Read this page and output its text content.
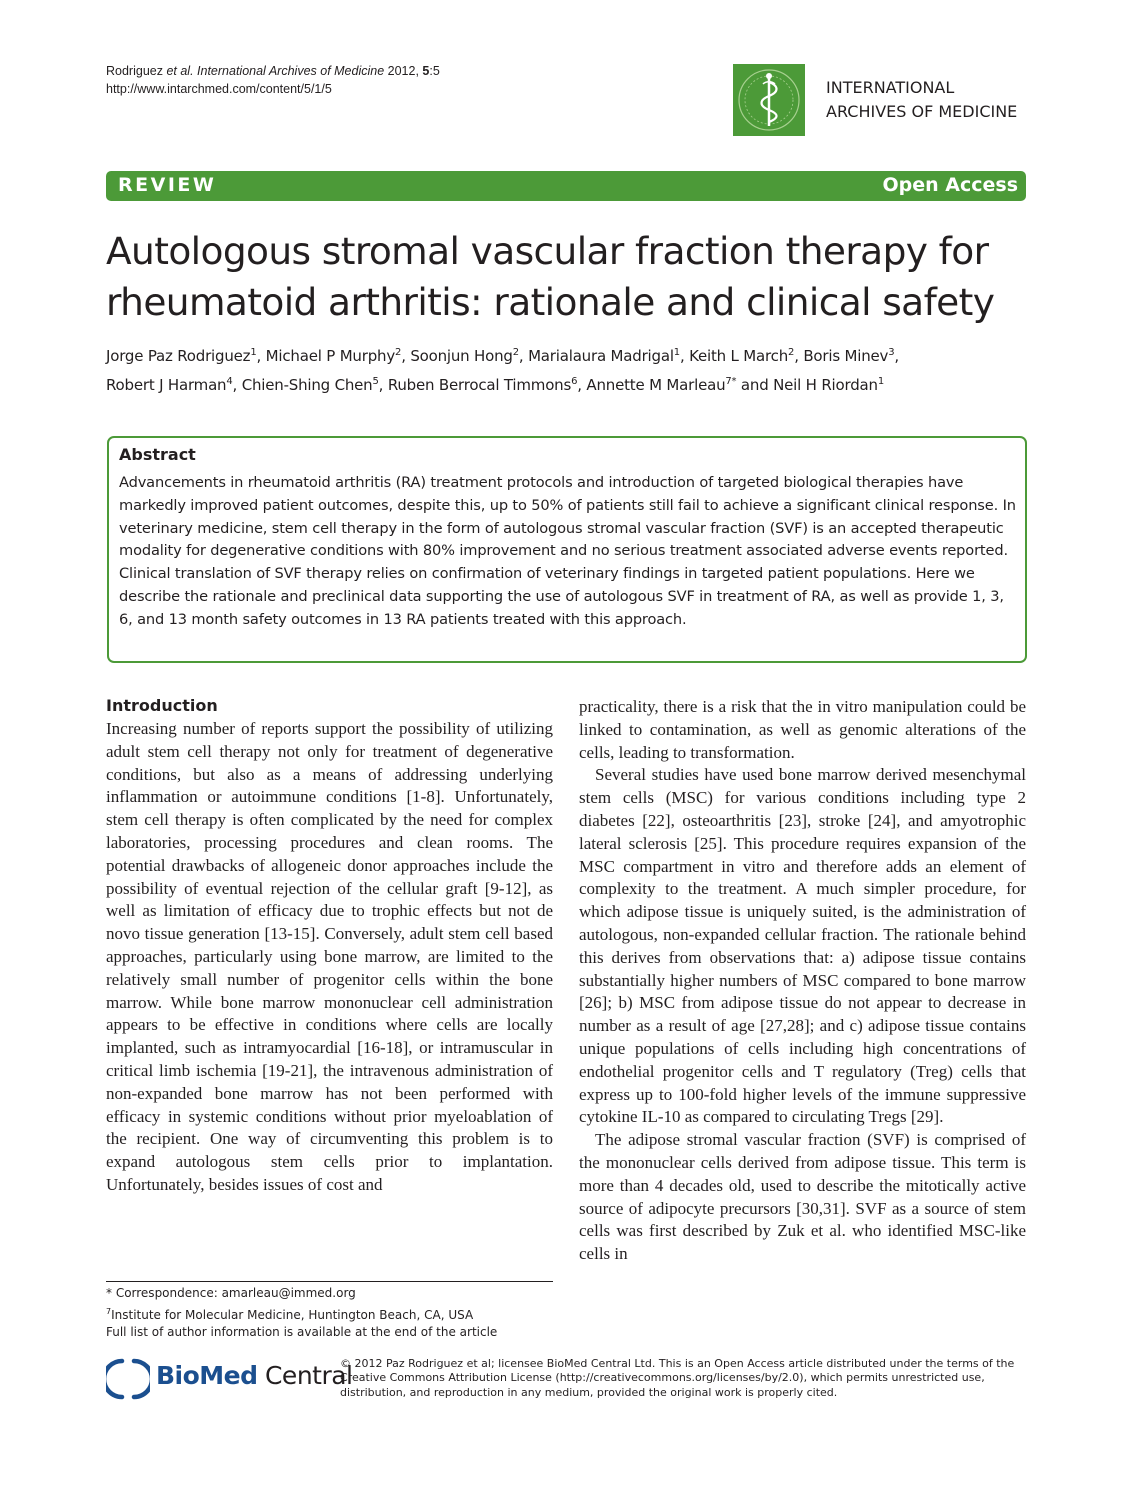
Rodriguez et al. International Archives of Medicine 2012, 5:5
http://www.intarchmed.com/content/5/1/5	INTERNATIONAL
ARCHIVES OF MEDICINE
REVIEW	Open Access
Autologous stromal vascular fraction therapy for
rheumatoid arthritis: rationale and clinical safety
Jorge Paz Rodriguez$^1$, Michael P Murphy$^2$, Soonjun Hong$^2$, Marialaura Madrigal$^1$, Keith L March$^2$, Boris Minev$^3$,
Robert J Harman$^4$, Chien-Shing Chen$^5$, Ruben Berrocal Timmons$^6$, Annette M Marleau$^{7*}$ and Neil H Riordan$^1$
Abstract
Advancements in rheumatoid arthritis (RA) treatment protocols and introduction of targeted biological therapies have markedly improved patient outcomes, despite this, up to 50% of patients still fail to achieve a significant clinical response. In veterinary medicine, stem cell therapy in the form of autologous stromal vascular fraction (SVF) is an accepted therapeutic modality for degenerative conditions with 80% improvement and no serious treatment associated adverse events reported. Clinical translation of SVF therapy relies on confirmation of veterinary findings in targeted patient populations. Here we describe the rationale and preclinical data supporting the use of autologous SVF in treatment of RA, as well as provide 1, 3, 6, and 13 month safety outcomes in 13 RA patients treated with this approach.
Introduction

Increasing number of reports support the possibility of utilizing adult stem cell therapy not only for treatment of degenerative conditions, but also as a means of addressing underlying inflammation or autoimmune conditions [1-8]. Unfortunately, stem cell therapy is often complicated by the need for complex laboratories, processing procedures and clean rooms. The potential drawbacks of allogeneic donor approaches include the possibility of eventual rejection of the cellular graft [9-12], as well as limitation of efficacy due to trophic effects but not de novo tissue generation [13-15]. Conversely, adult stem cell based approaches, particularly using bone marrow, are limited to the relatively small number of progenitor cells within the bone marrow. While bone marrow mononuclear cell administration appears to be effective in conditions where cells are locally implanted, such as intramyocardial [16-18], or intramuscular in critical limb ischemia [19-21], the intravenous administration of non-expanded bone marrow has not been performed with efficacy in systemic conditions without prior myeloablation of the recipient. One way of circumventing this problem is to expand autologous stem cells prior to implantation. Unfortunately, besides issues of cost and

practicality, there is a risk that the in vitro manipulation could be linked to contamination, as well as genomic alterations of the cells, leading to transformation.

Several studies have used bone marrow derived mesenchymal stem cells (MSC) for various conditions including type 2 diabetes [22], osteoarthritis [23], stroke [24], and amyotrophic lateral sclerosis [25]. This procedure requires expansion of the MSC compartment in vitro and therefore adds an element of complexity to the treatment. A much simpler procedure, for which adipose tissue is uniquely suited, is the administration of autologous, non-expanded cellular fraction. The rationale behind this derives from observations that: a) adipose tissue contains substantially higher numbers of MSC compared to bone marrow [26]; b) MSC from adipose tissue do not appear to decrease in number as a result of age [27,28]; and c) adipose tissue contains unique populations of cells including high concentrations of endothelial progenitor cells and T regulatory (Treg) cells that express up to 100-fold higher levels of the immune suppressive cytokine IL-10 as compared to circulating Tregs [29].

The adipose stromal vascular fraction (SVF) is comprised of the mononuclear cells derived from adipose tissue. This term is more than 4 decades old, used to describe the mitotically active source of adipocyte precursors [30,31]. SVF as a source of stem cells was first described by Zuk et al. who identified MSC-like cells in

* Correspondence: amarleau@immed.org
$^7$Institute for Molecular Medicine, Huntington Beach, CA, USA
Full list of author information is available at the end of the article
BioMed Central
© 2012 Paz Rodriguez et al; licensee BioMed Central Ltd. This is an Open Access article distributed under the terms of the Creative Commons Attribution License (http://creativecommons.org/licenses/by/2.0), which permits unrestricted use, distribution, and reproduction in any medium, provided the original work is properly cited.
